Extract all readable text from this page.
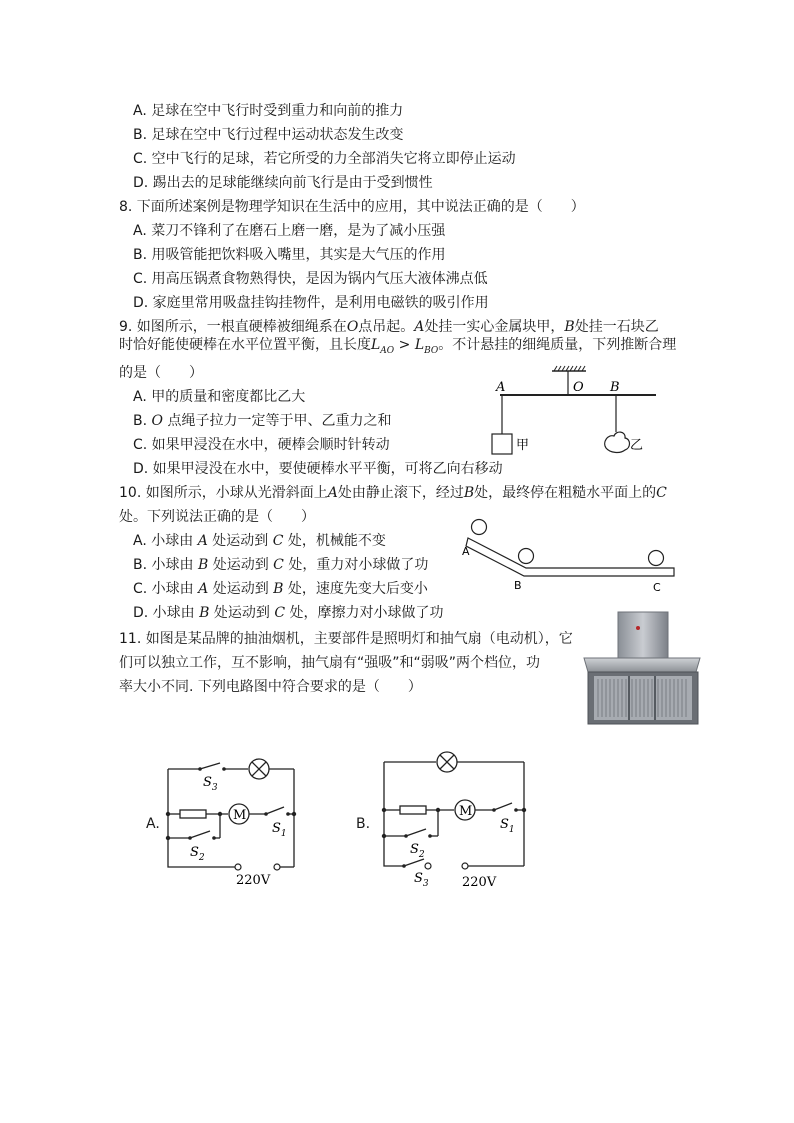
A. 足球在空中飞行时受到重力和向前的推力
B. 足球在空中飞行过程中运动状态发生改变
C. 空中飞行的足球，若它所受的力全部消失它将立即停止运动
D. 踢出去的足球能继续向前飞行是由于受到惯性
8. 下面所述案例是物理学知识在生活中的应用，其中说法正确的是（　　）
A. 菜刀不锋利了在磨石上磨一磨，是为了减小压强
B. 用吸管能把饮料吸入嘴里，其实是大气压的作用
C. 用高压锅煮食物熟得快，是因为锅内气压大液体沸点低
D. 家庭里常用吸盘挂钩挂物件，是利用电磁铁的吸引作用
9. 如图所示，一根直硬棒被细绳系在O点吊起。A处挂一实心金属块甲，B处挂一石块乙
时恰好能使硬棒在水平位置平衡，且长度$L_{AO} > L_{BO}$。不计悬挂的细绳质量，下列推断合理
的是（　　）
A. 甲的质量和密度都比乙大
B. O 点绳子拉力一定等于甲、乙重力之和
C. 如果甲浸没在水中，硬棒会顺时针转动
D. 如果甲浸没在水中，要使硬棒水平平衡，可将乙向右移动
A	O B
甲	乙
10. 如图所示，小球从光滑斜面上A处由静止滚下，经过B处，最终停在粗糙水平面上的C
处。下列说法正确的是（　　）
A. 小球由 A 处运动到 C 处，机械能不变
B. 小球由 B 处运动到 C 处，重力对小球做了功
C. 小球由 A 处运动到 B 处，速度先变大后变小
D. 小球由 B 处运动到 C 处，摩擦力对小球做了功
A
B	C
11. 如图是某品牌的抽油烟机，主要部件是照明灯和抽气扇（电动机），它
们可以独立工作，互不影响，抽气扇有“强吸”和“弱吸”两个档位，功
率大小不同. 下列电路图中符合要求的是（　　）
A.
M
$S_3$
$S_1$
$S_2$
220V
B.
M
$S_1$
$S_2$
$S_3$	220V
